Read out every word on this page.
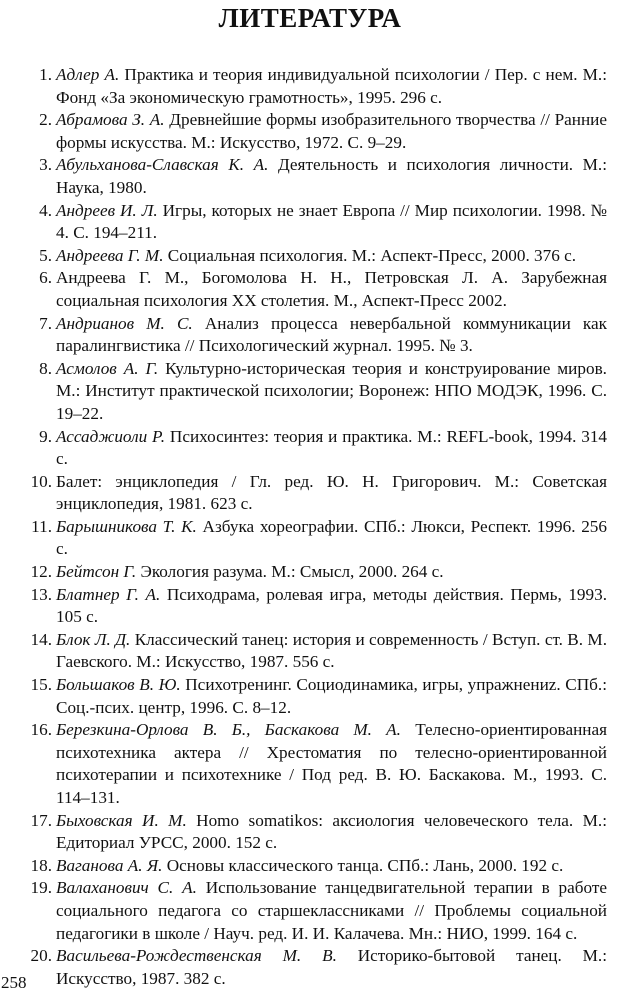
ЛИТЕРАТУРА
1. Адлер А. Практика и теория индивидуальной психологии / Пер. с нем. М.: Фонд «За экономическую грамотность», 1995. 296 с.
2. Абрамова З. А. Древнейшие формы изобразительного творчества // Ранние формы искусства. М.: Искусство, 1972. С. 9–29.
3. Абульханова-Славская К. А. Деятельность и психология личности. М.: Наука, 1980.
4. Андреев И. Л. Игры, которых не знает Европа // Мир психологии. 1998. № 4. С. 194–211.
5. Андреева Г. М. Социальная психология. М.: Аспект-Пресс, 2000. 376 с.
6. Андреева Г. М., Богомолова Н. Н., Петровская Л. А. Зарубежная социальная психология XX столетия. М., Аспект-Пресс 2002.
7. Андрианов М. С. Анализ процесса невербальной коммуникации как паралингвистика // Психологический журнал. 1995. № 3.
8. Асмолов А. Г. Культурно-историческая теория и конструирование миров. М.: Институт практической психологии; Воронеж: НПО МОДЭК, 1996. С. 19–22.
9. Ассаджиоли Р. Психосинтез: теория и практика. М.: REFL-book, 1994. 314 с.
10. Балет: энциклопедия / Гл. ред. Ю. Н. Григорович. М.: Советская энциклопедия, 1981. 623 с.
11. Барышникова Т. К. Азбука хореографии. СПб.: Люкси, Респект. 1996. 256 с.
12. Бейтсон Г. Экология разума. М.: Смысл, 2000. 264 с.
13. Блатнер Г. А. Психодрама, ролевая игра, методы действия. Пермь, 1993. 105 с.
14. Блок Л. Д. Классический танец: история и современность / Вступ. ст. В. М. Гаевского. М.: Искусство, 1987. 556 с.
15. Большаков В. Ю. Психотренинг. Социодинамика, игры, упражнениz. СПб.: Соц.-псих. центр, 1996. С. 8–12.
16. Березкина-Орлова В. Б., Баскакова М. А. Телесно-ориентированная психотехника актера // Хрестоматия по телесно-ориентированной психотерапии и психотехнике / Под ред. В. Ю. Баскакова. М., 1993. С. 114–131.
17. Быховская И. М. Homo somatikos: аксиология человеческого тела. М.: Едиториал УРСС, 2000. 152 с.
18. Ваганова А. Я. Основы классического танца. СПб.: Лань, 2000. 192 с.
19. Валаханович С. А. Использование танцедвигательной терапии в работе социального педагога со старшеклассниками // Проблемы социальной педагогики в школе / Науч. ред. И. И. Калачева. Мн.: НИО, 1999. 164 с.
20. Васильева-Рождественская М. В. Историко-бытовой танец. М.: Искусство, 1987. 382 с.
258
